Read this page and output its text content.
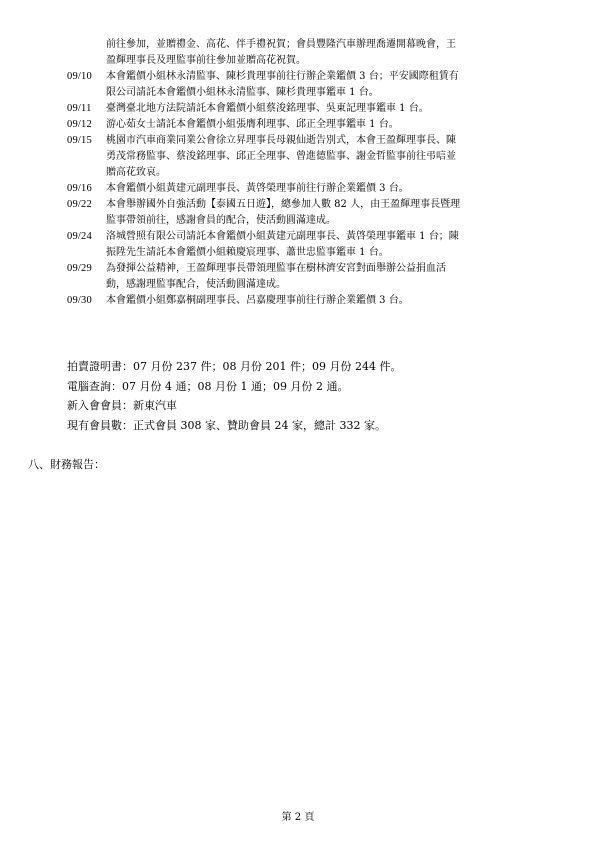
前往參加，並贈禮金、高花、伴手禮祝賀；會員豐隆汽車辦理喬遷開幕晚會，王
盈輝理事長及理監事前往參加並贈高花祝賀。
09/10	本會鑑價小組林永清監事、陳杉貴理事前往行辦企業鑑價 3 台；平安國際租賃有
限公司請託本會鑑價小組林永清監事、陳杉貴理事鑑車 1 台。
09/11	臺灣臺北地方法院請託本會鑑價小組蔡浚銘理事、吳東記理事鑑車 1 台。
09/12	游心茹女士請託本會鑑價小組張膺利理事、邱正全理事鑑車 1 台。
09/15	桃園市汽車商業同業公會徐立昇理事長母親仙逝告別式，本會王盈輝理事長、陳
勇茂常務監事、蔡浚銘理事、邱正全理事、曾進德監事、謝金哲監事前往弔唁並
贈高花致哀。
09/16	本會鑑價小組黃建元副理事長、黃啓榮理事前往行辦企業鑑價 3 台。
09/22	本會舉辦國外自強活動【泰國五日遊】，總參加人數 82 人，由王盈輝理事長暨理
監事帶領前往，感謝會員的配合，使活動圓滿達成。
09/24	洛城營照有限公司請託本會鑑價小組黃建元副理事長、黃啓榮理事鑑車 1 台；陳
振陞先生請託本會鑑價小組賴慶宸理事、蕭世忠監事鑑車 1 台。
09/29	為發揮公益精神，王盈輝理事長帶領理監事在樹林濟安宮對面舉辦公益捐血活
動，感謝理監事配合，使活動圓滿達成。
09/30	本會鑑價小組鄭嘉桐副理事長、呂嘉慶理事前往行辦企業鑑價 3 台。
拍賣證明書：07 月份 237 件；08 月份 201 件；09 月份 244 件。
電腦查詢：07 月份 4 通；08 月份 1 通；09 月份 2 通。
新入會會員：新東汽車
現有會員數：正式會員 308 家、贊助會員 24 家，總計 332 家。
八、財務報告：
第 2 頁
